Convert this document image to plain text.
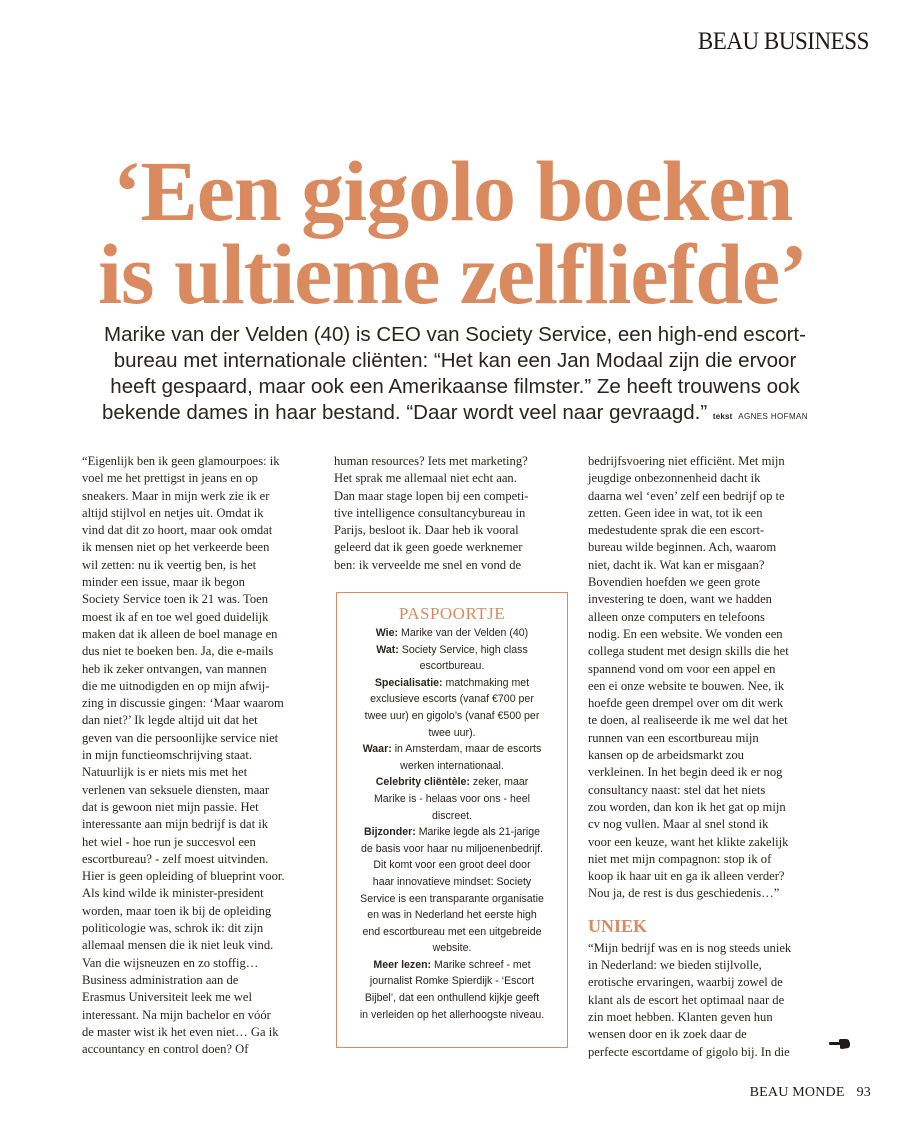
BEAU BUSINESS
‘Een gigolo boeken
is ultieme zelfliefde’
Marike van der Velden (40) is CEO van Society Service, een high-end escort-
bureau met internationale cliënten: “Het kan een Jan Modaal zijn die ervoor
heeft gespaard, maar ook een Amerikaanse filmster.” Ze heeft trouwens ook
bekende dames in haar bestand. “Daar wordt veel naar gevraagd.” tekst AGNES HOFMAN

“Eigenlijk ben ik geen glamourpoes: ik

voel me het prettigst in jeans en op

sneakers. Maar in mijn werk zie ik er

altijd stijlvol en netjes uit. Omdat ik

vind dat dit zo hoort, maar ook omdat

ik mensen niet op het verkeerde been

wil zetten: nu ik veertig ben, is het

minder een issue, maar ik begon

Society Service toen ik 21 was. Toen

moest ik af en toe wel goed duidelijk

maken dat ik alleen de boel manage en

dus niet te boeken ben. Ja, die e-mails

heb ik zeker ontvangen, van mannen

die me uitnodigden en op mijn afwij-

zing in discussie gingen: ‘Maar waarom

dan niet?’ Ik legde altijd uit dat het

geven van die persoonlijke service niet

in mijn functieomschrijving staat.

Natuurlijk is er niets mis met het

verlenen van seksuele diensten, maar

dat is gewoon niet mijn passie. Het

interessante aan mijn bedrijf is dat ik

het wiel - hoe run je succesvol een

escortbureau? - zelf moest uitvinden.

Hier is geen opleiding of blueprint voor.

Als kind wilde ik minister-president

worden, maar toen ik bij de opleiding

politicologie was, schrok ik: dit zijn

allemaal mensen die ik niet leuk vind.

Van die wijsneuzen en zo stoffig…

Business administration aan de

Erasmus Universiteit leek me wel

interessant. Na mijn bachelor en vóór

de master wist ik het even niet… Ga ik

accountancy en control doen? Of

human resources? Iets met marketing?

Het sprak me allemaal niet echt aan.

Dan maar stage lopen bij een competi-

tive intelligence consultancybureau in

Parijs, besloot ik. Daar heb ik vooral

geleerd dat ik geen goede werknemer

ben: ik verveelde me snel en vond de

PASPOORTJE

Wie: Marike van der Velden (40)

Wat: Society Service, high class

escortbureau.

Specialisatie: matchmaking met

exclusieve escorts (vanaf €700 per

twee uur) en gigolo’s (vanaf €500 per

twee uur).

Waar: in Amsterdam, maar de escorts

werken internationaal.

Celebrity cliëntèle: zeker, maar

Marike is - helaas voor ons - heel

discreet.

Bijzonder: Marike legde als 21-jarige

de basis voor haar nu miljoenenbedrijf.

Dit komt voor een groot deel door

haar innovatieve mindset: Society

Service is een transparante organisatie

en was in Nederland het eerste high

end escortbureau met een uitgebreide

website.

Meer lezen: Marike schreef - met

journalist Romke Spierdijk - ‘Escort

Bijbel’, dat een onthullend kijkje geeft

in verleiden op het allerhoogste niveau.

bedrijfsvoering niet efficiënt. Met mijn

jeugdige onbezonnenheid dacht ik

daarna wel ‘even’ zelf een bedrijf op te

zetten. Geen idee in wat, tot ik een

medestudente sprak die een escort-

bureau wilde beginnen. Ach, waarom

niet, dacht ik. Wat kan er misgaan?

Bovendien hoefden we geen grote

investering te doen, want we hadden

alleen onze computers en telefoons

nodig. En een website. We vonden een

collega student met design skills die het

spannend vond om voor een appel en

een ei onze website te bouwen. Nee, ik

hoefde geen drempel over om dit werk

te doen, al realiseerde ik me wel dat het

runnen van een escortbureau mijn

kansen op de arbeidsmarkt zou

verkleinen. In het begin deed ik er nog

consultancy naast: stel dat het niets

zou worden, dan kon ik het gat op mijn

cv nog vullen. Maar al snel stond ik

voor een keuze, want het klikte zakelijk

niet met mijn compagnon: stop ik of

koop ik haar uit en ga ik alleen verder?

Nou ja, de rest is dus geschiedenis…”

UNIEK

“Mijn bedrijf was en is nog steeds uniek

in Nederland: we bieden stijlvolle,

erotische ervaringen, waarbij zowel de

klant als de escort het optimaal naar de

zin moet hebben. Klanten geven hun

wensen door en ik zoek daar de

perfecte escortdame of gigolo bij. In die

BEAU MONDE 93
